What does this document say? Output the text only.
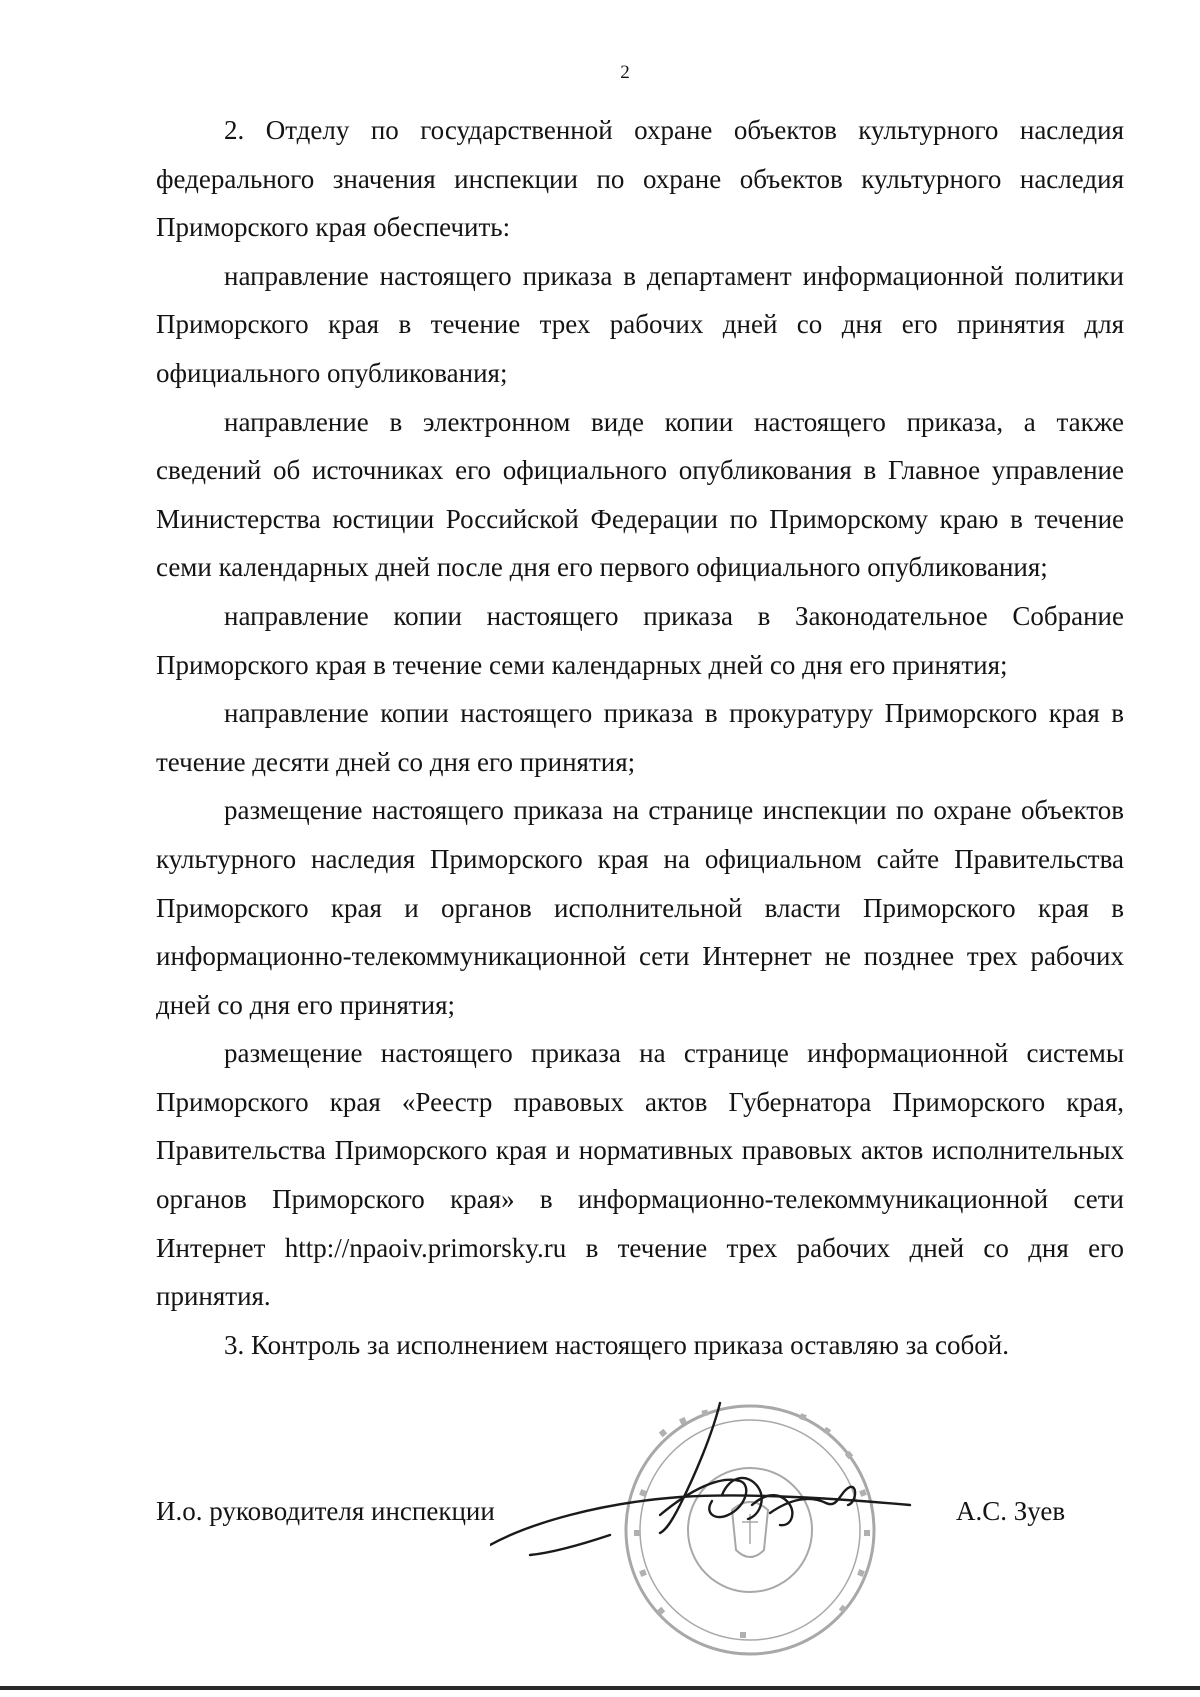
2

2. Отделу по государственной охране объектов культурного наследия федерального значения инспекции по охране объектов культурного наследия Приморского края обеспечить:

направление настоящего приказа в департамент информационной политики Приморского края в течение трех рабочих дней со дня его принятия для официального опубликования;

направление в электронном виде копии настоящего приказа, а также сведений об источниках его официального опубликования в Главное управление Министерства юстиции Российской Федерации по Приморскому краю в течение семи календарных дней после дня его первого официального опубликования;

направление копии настоящего приказа в Законодательное Собрание Приморского края в течение семи календарных дней со дня его принятия;

направление копии настоящего приказа в прокуратуру Приморского края в течение десяти дней со дня его принятия;

размещение настоящего приказа на странице инспекции по охране объектов культурного наследия Приморского края на официальном сайте Правительства Приморского края и органов исполнительной власти Приморского края в информационно-телекоммуникационной сети Интернет не позднее трех рабочих дней со дня его принятия;

размещение настоящего приказа на странице информационной системы Приморского края «Реестр правовых актов Губернатора Приморского края, Правительства Приморского края и нормативных правовых актов исполнительных органов Приморского края» в информационно-телекоммуникационной сети Интернет http://npaoiv.primorsky.ru в течение трех рабочих дней со дня его принятия.

3. Контроль за исполнением настоящего приказа оставляю за собой.

И.о. руководителя инспекции	А.С. Зуев
